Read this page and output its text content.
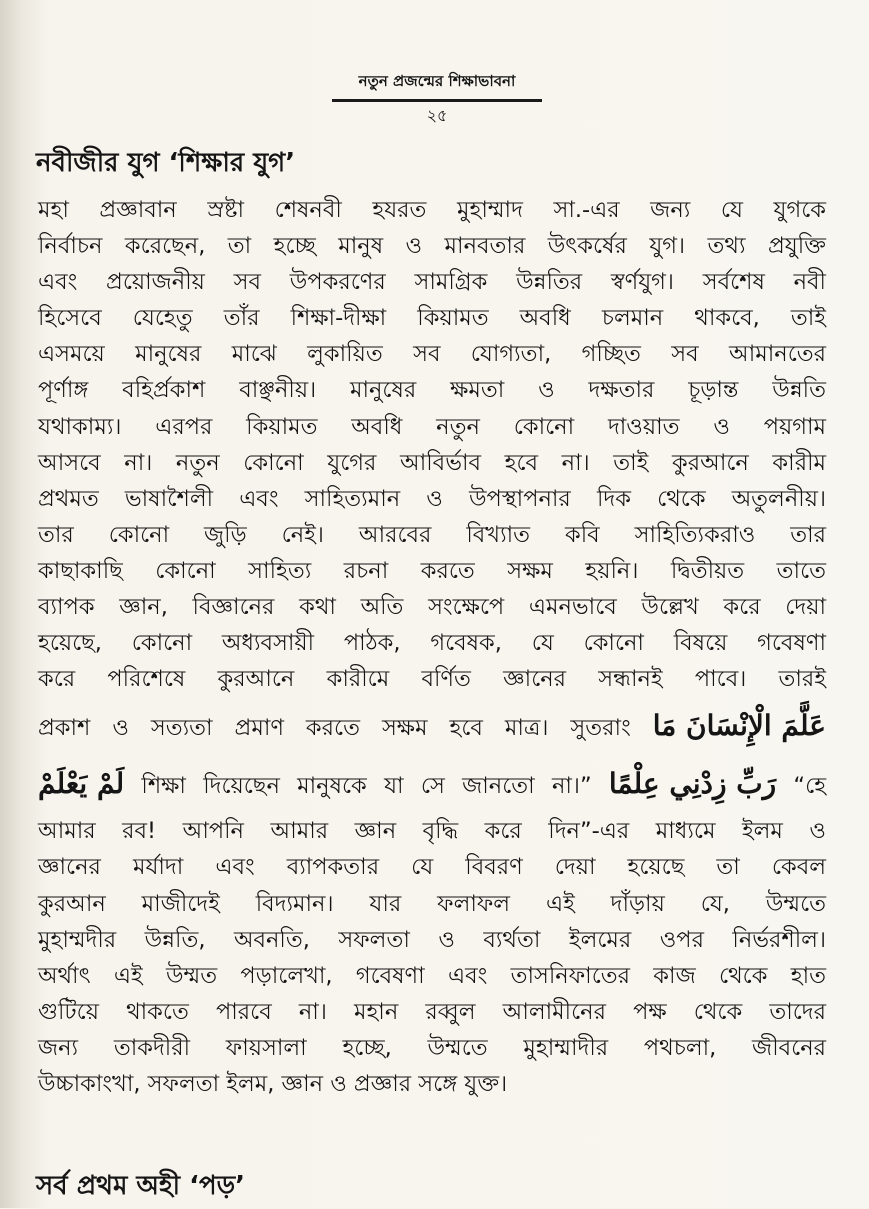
নতুন প্রজন্মের শিক্ষাভাবনা
২৫
নবীজীর যুগ ‘শিক্ষার যুগ’
মহা প্রজ্ঞাবান স্রষ্টা শেষনবী হযরত মুহাম্মাদ সা.-এর জন্য যে যুগকে
নির্বাচন করেছেন, তা হচ্ছে মানুষ ও মানবতার উৎকর্ষের যুগ। তথ্য প্রযুক্তি
এবং প্রয়োজনীয় সব উপকরণের সামগ্রিক উন্নতির স্বর্ণযুগ। সর্বশেষ নবী
হিসেবে যেহেতু তাঁর শিক্ষা-দীক্ষা কিয়ামত অবধি চলমান থাকবে, তাই
এসময়ে মানুষের মাঝে লুকায়িত সব যোগ্যতা, গচ্ছিত সব আমানতের
পূর্ণাঙ্গ বহির্প্রকাশ বাঞ্ছনীয়। মানুষের ক্ষমতা ও দক্ষতার চূড়ান্ত উন্নতি
যথাকাম্য। এরপর কিয়ামত অবধি নতুন কোনো দাওয়াত ও পয়গাম
আসবে না। নতুন কোনো যুগের আবির্ভাব হবে না। তাই কুরআনে কারীম
প্রথমত ভাষাশৈলী এবং সাহিত্যমান ও উপস্থাপনার দিক থেকে অতুলনীয়।
তার কোনো জুড়ি নেই। আরবের বিখ্যাত কবি সাহিত্যিকরাও তার
কাছাকাছি কোনো সাহিত্য রচনা করতে সক্ষম হয়নি। দ্বিতীয়ত তাতে
ব্যাপক জ্ঞান, বিজ্ঞানের কথা অতি সংক্ষেপে এমনভাবে উল্লেখ করে দেয়া
হয়েছে, কোনো অধ্যবসায়ী পাঠক, গবেষক, যে কোনো বিষয়ে গবেষণা
করে পরিশেষে কুরআনে কারীমে বর্ণিত জ্ঞানের সন্ধানই পাবে। তারই
প্রকাশ ও সত্যতা প্রমাণ করতে সক্ষম হবে মাত্র। সুতরাং عَلَّمَ الْإِنْسَانَ مَا
لَمْ يَعْلَمْ শিক্ষা দিয়েছেন মানুষকে যা সে জানতো না।” رَبِّ زِدْنِي عِلْمًا “হে
আমার রব! আপনি আমার জ্ঞান বৃদ্ধি করে দিন”-এর মাধ্যমে ইলম ও
জ্ঞানের মর্যাদা এবং ব্যাপকতার যে বিবরণ দেয়া হয়েছে তা কেবল
কুরআন মাজীদেই বিদ্যমান। যার ফলাফল এই দাঁড়ায় যে, উম্মতে
মুহাম্মদীর উন্নতি, অবনতি, সফলতা ও ব্যর্থতা ইলমের ওপর নির্ভরশীল।
অর্থাৎ এই উম্মত পড়ালেখা, গবেষণা এবং তাসনিফাতের কাজ থেকে হাত
গুটিয়ে থাকতে পারবে না। মহান রব্বুল আলামীনের পক্ষ থেকে তাদের
জন্য তাকদীরী ফায়সালা হচ্ছে, উম্মতে মুহাম্মাদীর পথচলা, জীবনের
উচ্চাকাংখা, সফলতা ইলম, জ্ঞান ও প্রজ্ঞার সঙ্গে যুক্ত।
সর্ব প্রথম অহী ‘পড়’
